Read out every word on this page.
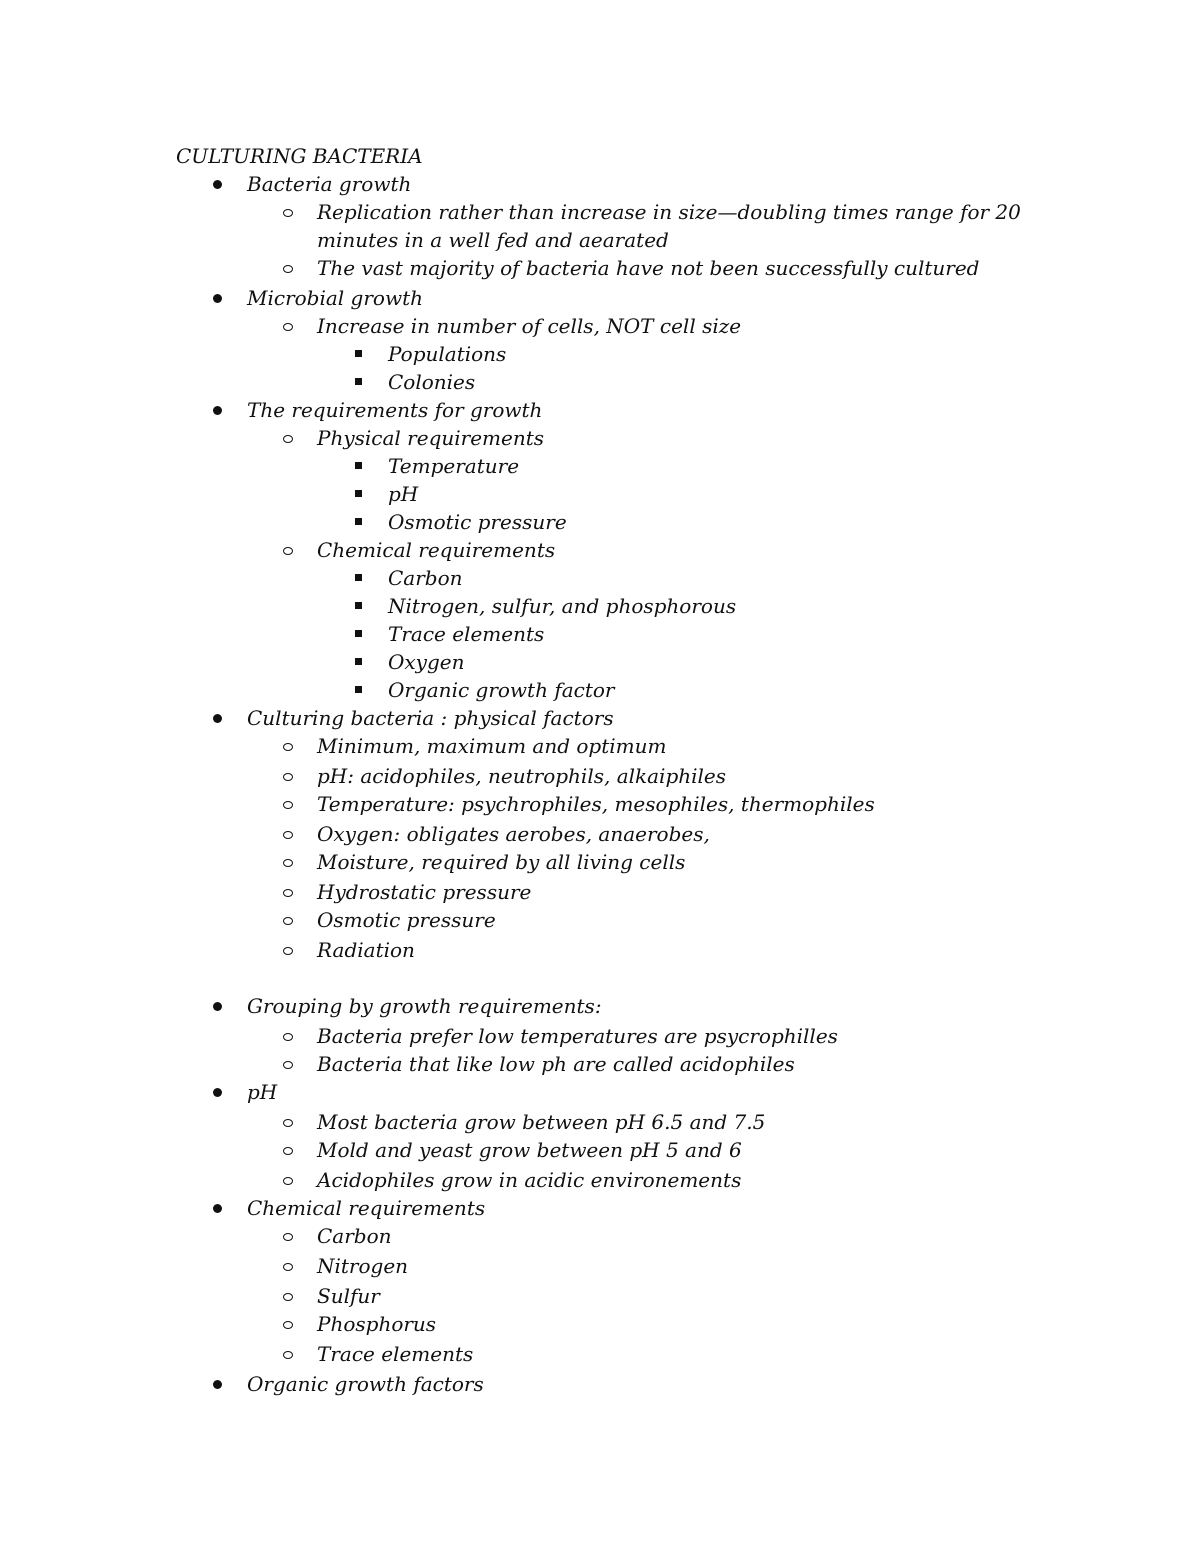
CULTURING BACTERIA
Bacteria growth
Replication rather than increase in size—doubling times range for 20
minutes in a well fed and aearated
The vast majority of bacteria have not been successfully cultured
Microbial growth
Increase in number of cells, NOT cell size
Populations
Colonies
The requirements for growth
Physical requirements
Temperature
pH
Osmotic pressure
Chemical requirements
Carbon
Nitrogen, sulfur, and phosphorous
Trace elements
Oxygen
Organic growth factor
Culturing bacteria : physical factors
Minimum, maximum and optimum
pH: acidophiles, neutrophils, alkaiphiles
Temperature: psychrophiles, mesophiles, thermophiles
Oxygen: obligates aerobes, anaerobes,
Moisture, required by all living cells
Hydrostatic pressure
Osmotic pressure
Radiation
Grouping by growth requirements:
Bacteria prefer low temperatures are psycrophilles
Bacteria that like low ph are called acidophiles
pH
Most bacteria grow between pH 6.5 and 7.5
Mold and yeast grow between pH 5 and 6
Acidophiles grow in acidic environements
Chemical requirements
Carbon
Nitrogen
Sulfur
Phosphorus
Trace elements
Organic growth factors
